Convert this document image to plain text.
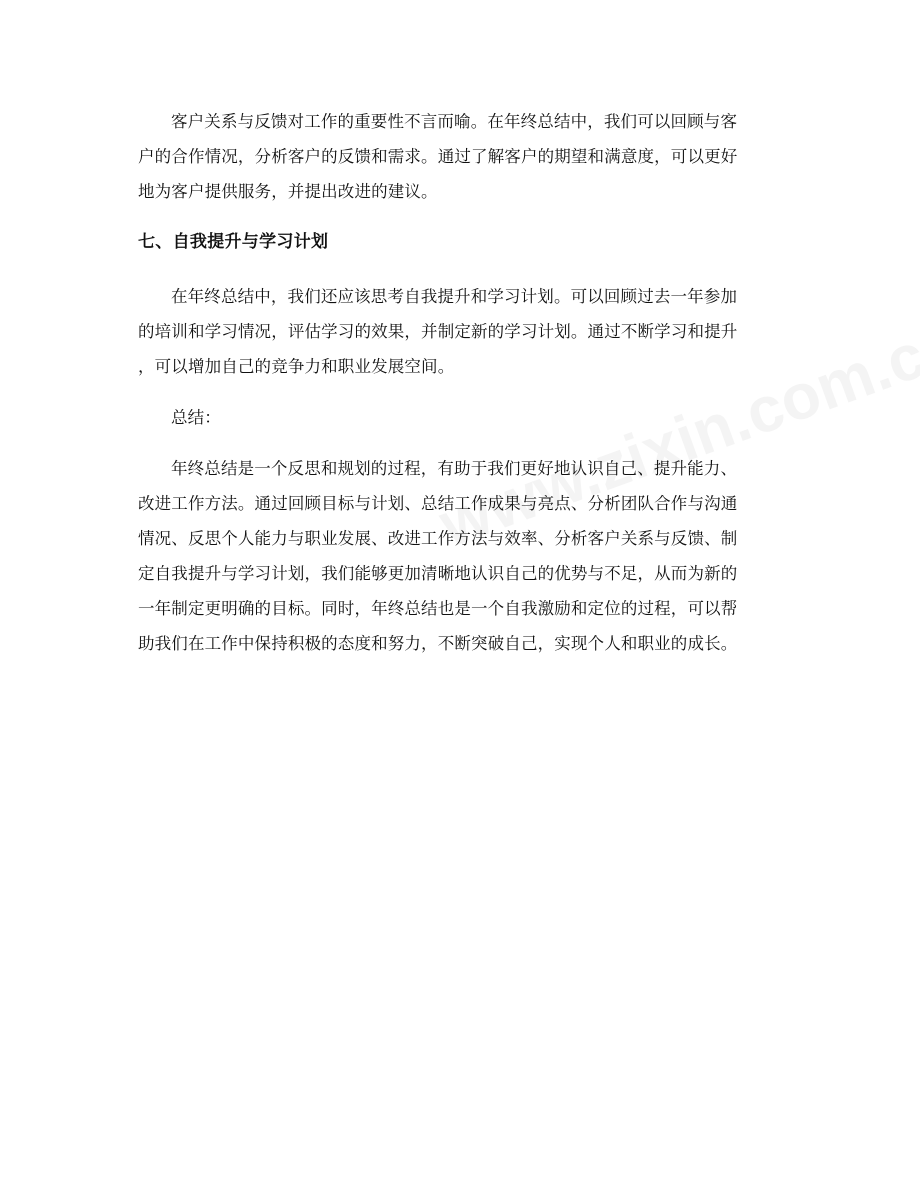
客户关系与反馈对工作的重要性不言而喻。在年终总结中，我们可以回顾与客
户的合作情况，分析客户的反馈和需求。通过了解客户的期望和满意度，可以更好
地为客户提供服务，并提出改进的建议。

七、自我提升与学习计划

在年终总结中，我们还应该思考自我提升和学习计划。可以回顾过去一年参加
的培训和学习情况，评估学习的效果，并制定新的学习计划。通过不断学习和提升
，可以增加自己的竞争力和职业发展空间。

总结：

年终总结是一个反思和规划的过程，有助于我们更好地认识自己、提升能力、
改进工作方法。通过回顾目标与计划、总结工作成果与亮点、分析团队合作与沟通
情况、反思个人能力与职业发展、改进工作方法与效率、分析客户关系与反馈、制
定自我提升与学习计划，我们能够更加清晰地认识自己的优势与不足，从而为新的
一年制定更明确的目标。同时，年终总结也是一个自我激励和定位的过程，可以帮
助我们在工作中保持积极的态度和努力，不断突破自己，实现个人和职业的成长。
